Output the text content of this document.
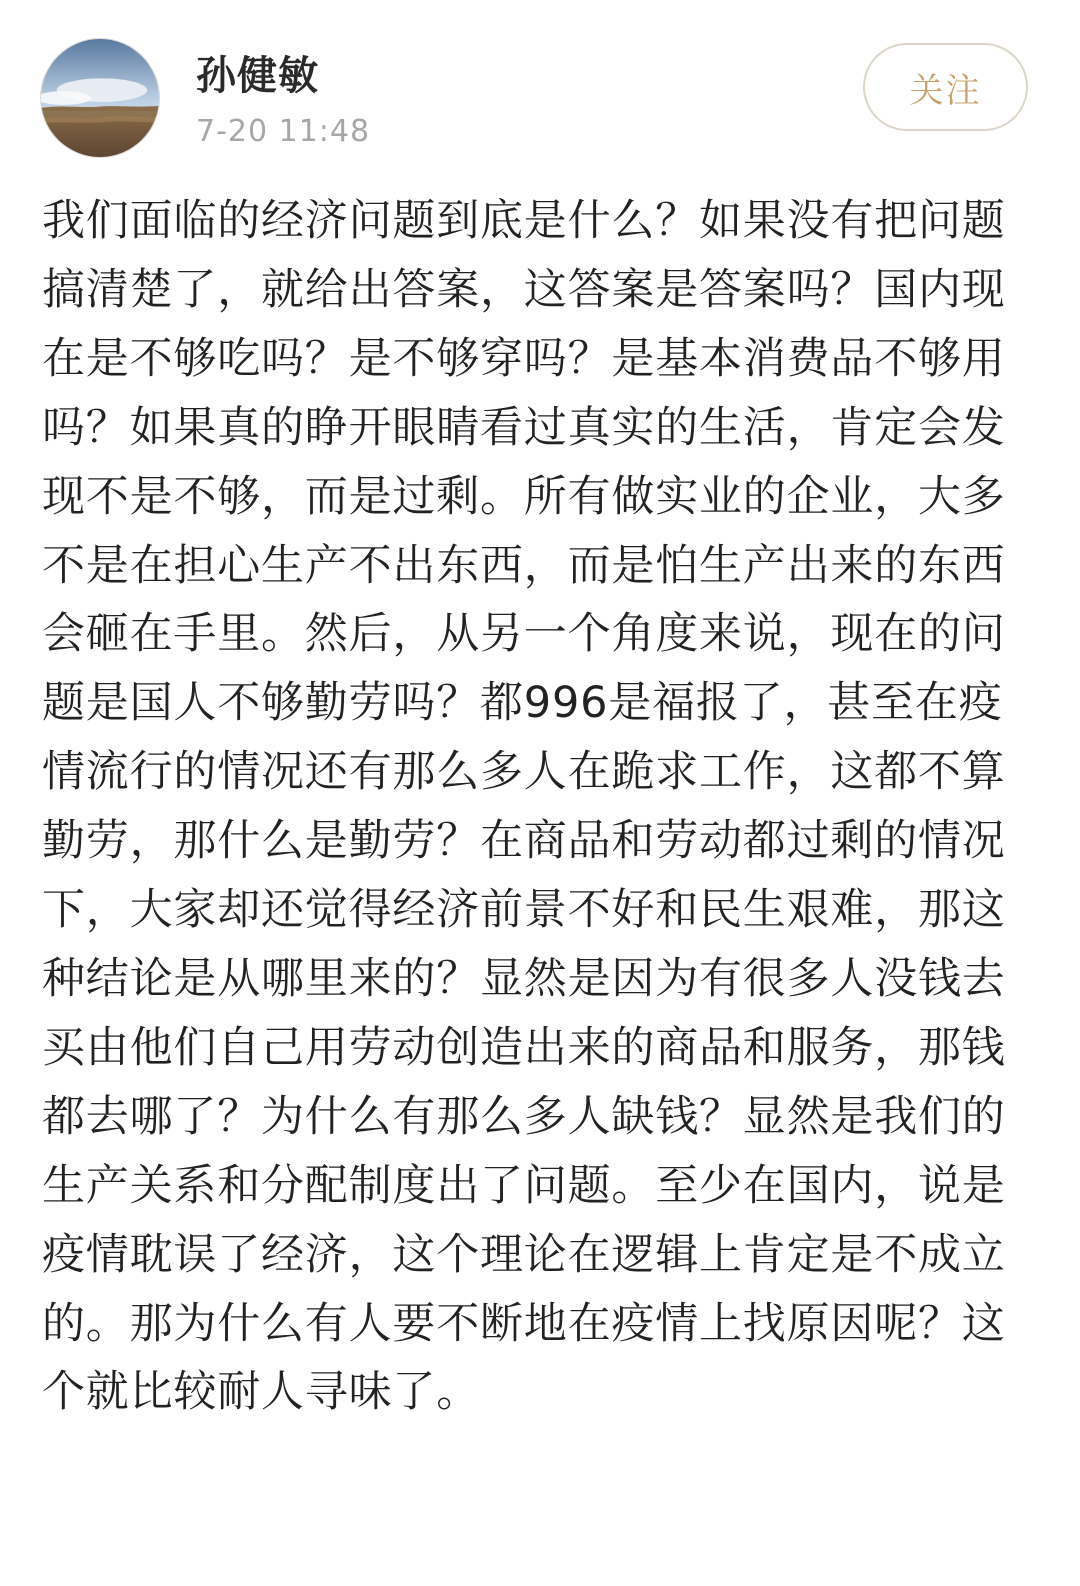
孙健敏
7-20 11:48
关注
我们面临的经济问题到底是什么？如果没有把问题搞清楚了，就给出答案，这答案是答案吗？国内现在是不够吃吗？是不够穿吗？是基本消费品不够用吗？如果真的睁开眼睛看过真实的生活，肯定会发现不是不够，而是过剩。所有做实业的企业，大多不是在担心生产不出东西，而是怕生产出来的东西会砸在手里。然后，从另一个角度来说，现在的问题是国人不够勤劳吗？都996是福报了，甚至在疫情流行的情况还有那么多人在跪求工作，这都不算勤劳，那什么是勤劳？在商品和劳动都过剩的情况下，大家却还觉得经济前景不好和民生艰难，那这种结论是从哪里来的？显然是因为有很多人没钱去买由他们自己用劳动创造出来的商品和服务，那钱都去哪了？为什么有那么多人缺钱？显然是我们的生产关系和分配制度出了问题。至少在国内，说是疫情耽误了经济，这个理论在逻辑上肯定是不成立的。那为什么有人要不断地在疫情上找原因呢？这个就比较耐人寻味了。
